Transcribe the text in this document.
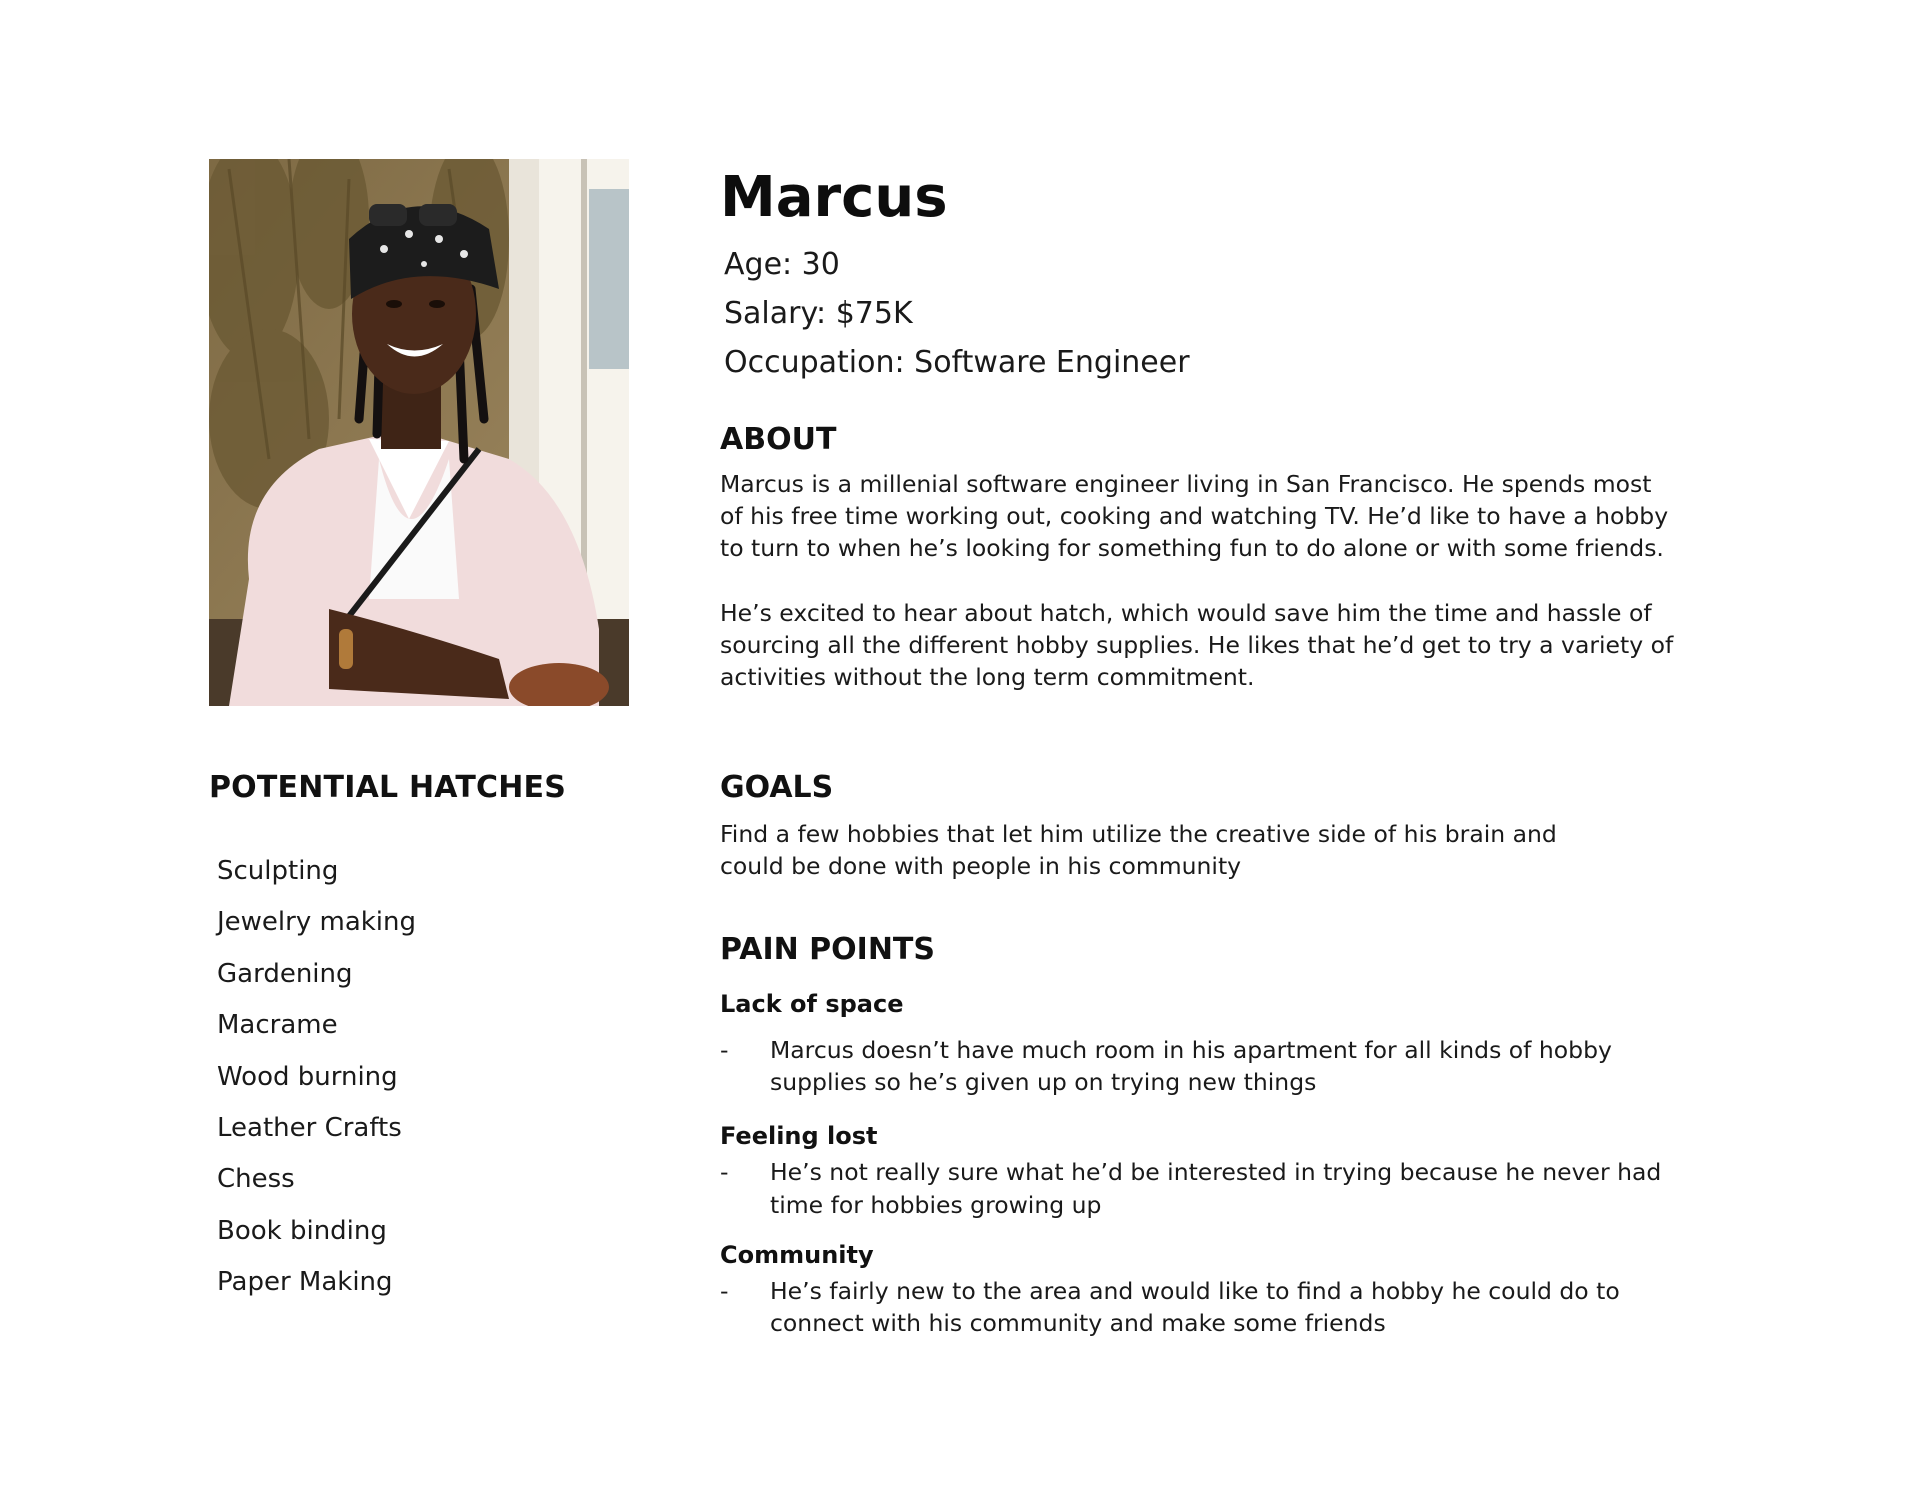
POTENTIAL HATCHES
Sculpting
Jewelry making
Gardening
Macrame
Wood burning
Leather Crafts
Chess
Book binding
Paper Making
Marcus
Age: 30
Salary: $75K
Occupation: Software Engineer
ABOUT

Marcus is a millenial software engineer living in San Francisco. He spends most of his free time working out, cooking and watching TV. He’d like to have a hobby to turn to when he’s looking for something fun to do alone or with some friends.

He’s excited to hear about hatch, which would save him the time and hassle of sourcing all the different hobby supplies. He likes that he’d get to try a variety of activities without the long term commitment.

GOALS

Find a few hobbies that let him utilize the creative side of his brain and could be done with people in his community

PAIN POINTS
Lack of space
- Marcus doesn’t have much room in his apartment for all kinds of hobby supplies so he’s given up on trying new things

Feeling lost
- He’s not really sure what he’d be interested in trying because he never had time for hobbies growing up

Community
- He’s fairly new to the area and would like to find a hobby he could do to connect with his community and make some friends
